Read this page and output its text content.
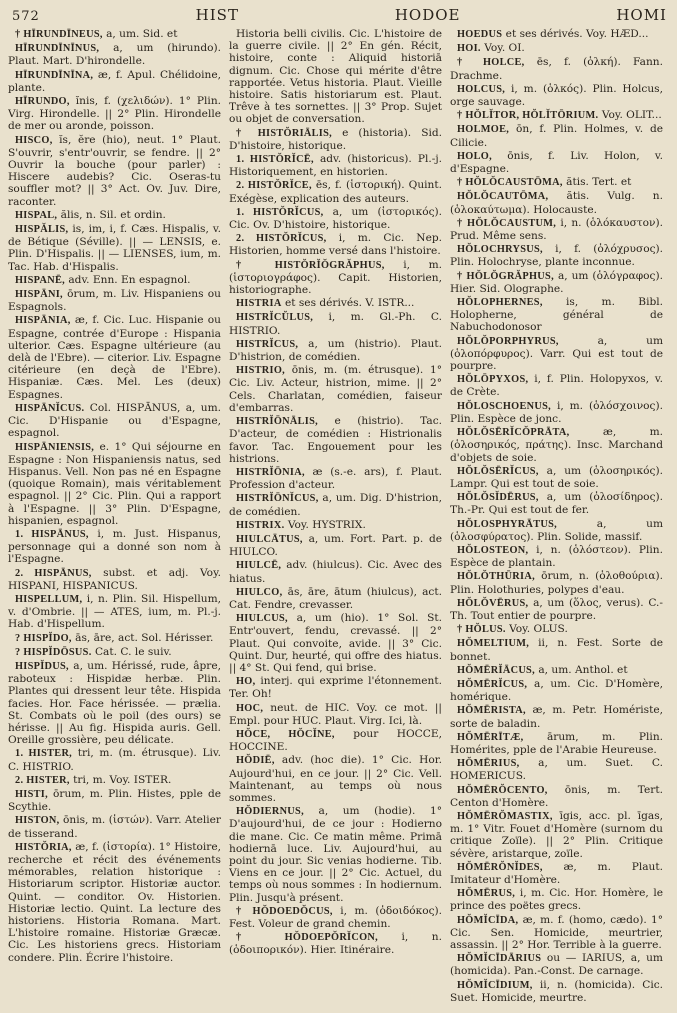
572	HIST	HODOE	HOMI

† HĪRUNDĪNEUS, a, um. Sid. et

HĪRUNDĪNĪNUS, a, um (hirundo). Plaut. Mart. D'hirondelle.

HĪRUNDĪNĪNA, æ, f. Apul. Chélidoine, plante.

HĪRUNDO, ĭnis, f. (χελιδών). 1° Plin. Virg. Hirondelle. || 2° Plin. Hirondelle de mer ou aronde, poisson.

HISCO, ĭs, ĕre (hio), neut. 1° Plaut. S'ouvrir, s'entr'ouvrir, se fendre. || 2° Ouvrir la bouche (pour parler) : Hiscere audebis? Cic. Oseras-tu souffler mot? || 3° Act. Ov. Juv. Dire, raconter.

HISPAL, ălis, n. Sil. et ordin.

HISPĂLIS, is, im, i, f. Cæs. Hispalis, v. de Bétique (Séville). || — LENSIS, e. Plin. D'Hispalis. || — LIENSES, ium, m. Tac. Hab. d'Hispalis.

HISPANĒ, adv. Enn. En espagnol.

HISPĀNI, ōrum, m. Liv. Hispaniens ou Espagnols.

HISPĀNIA, æ, f. Cic. Luc. Hispanie ou Espagne, contrée d'Europe : Hispania ulterior. Cæs. Espagne ultérieure (au delà de l'Ebre). — citerior. Liv. Espagne citérieure (en deçà de l'Ebre). Hispaniæ. Cæs. Mel. Les (deux) Espagnes.

HISPĀNĬCUS. Col. HISPĀNUS, a, um. Cic. D'Hispanie ou d'Espagne, espagnol.

HISPĀNIENSIS, e. 1° Qui séjourne en Espagne : Non Hispaniensis natus, sed Hispanus. Vell. Non pas né en Espagne (quoique Romain), mais véritablement espagnol. || 2° Cic. Plin. Qui a rapport à l'Espagne. || 3° Plin. D'Espagne, hispanien, espagnol.

1. HISPĀNUS, i, m. Just. Hispanus, personnage qui a donné son nom à l'Espagne.

2. HISPĀNUS, subst. et adj. Voy. HISPANI, HISPANICUS.

HISPELLUM, i, n. Plin. Sil. Hispellum, v. d'Ombrie. || — ATES, ium, m. Pl.-j. Hab. d'Hispellum.

? HISPĬDO, ās, āre, act. Sol. Hérisser.

? HISPĬDŌSUS. Cat. C. le suiv.

HISPĬDUS, a, um. Hérissé, rude, âpre, raboteux : Hispidæ herbæ. Plin. Plantes qui dressent leur tête. Hispida facies. Hor. Face hérissée. — prælia. St. Combats où le poil (des ours) se hérisse. || Au fig. Hispida auris. Gell. Oreille grossière, peu délicate.

1. HISTER, tri, m. (m. étrusque). Liv. C. HISTRIO.

2. HISTER, tri, m. Voy. ISTER.

HISTI, ōrum, m. Plin. Histes, pple de Scythie.

HISTON, ōnis, m. (ἱστών). Varr. Atelier de tisserand.

HISTŎRIA, æ, f. (ἱστορία). 1° Histoire, recherche et récit des événements mémorables, relation historique : Historiarum scriptor. Historiæ auctor. Quint. — conditor. Ov. Historien. Historiæ lectio. Quint. La lecture des historiens. Historia Romana. Mart. L'histoire romaine. Historiæ Græcæ. Cic. Les historiens grecs. Historiam condere. Plin. Écrire l'histoire.

Historia belli civilis. Cic. L'histoire de la guerre civile. || 2° En gén. Récit, histoire, conte : Aliquid historiā dignum. Cic. Chose qui mérite d'être rapportée. Vetus historia. Plaut. Vieille histoire. Satis historiarum est. Plaut. Trêve à tes sornettes. || 3° Prop. Sujet ou objet de conversation.

† HISTŎRIĀLIS, e (historia). Sid. D'histoire, historique.

1. HISTŎRĬCĒ, adv. (historicus). Pl.-j. Historiquement, en historien.

2. HISTŎRĬCE, ēs, f. (ἱστορική). Quint. Exégèse, explication des auteurs.

1. HISTŎRĬCUS, a, um (ἱστορικός). Cic. Ov. D'histoire, historique.

2. HISTŎRĬCUS, i, m. Cic. Nep. Historien, homme versé dans l'histoire.

† HISTŎRĬŎGRĂPHUS, i, m. (ἱστοριογράφος). Capit. Historien, historiographe.

HISTRIA et ses dérivés. V. ISTR...

HISTRĬCŬLUS, i, m. Gl.-Ph. C. HISTRIO.

HISTRĬCUS, a, um (histrio). Plaut. D'histrion, de comédien.

HISTRIO, ōnis, m. (m. étrusque). 1° Cic. Liv. Acteur, histrion, mime. || 2° Cels. Charlatan, comédien, faiseur d'embarras.

HISTRĬŌNĀLIS, e (histrio). Tac. D'acteur, de comédien : Histrionalis favor. Tac. Engouement pour les histrions.

HISTRĬŌNIA, æ (s.-e. ars), f. Plaut. Profession d'acteur.

HISTRĬŌNĬCUS, a, um. Dig. D'histrion, de comédien.

HISTRIX. Voy. HYSTRIX.

HIULCĀTUS, a, um. Fort. Part. p. de HIULCO.

HIULCĒ, adv. (hiulcus). Cic. Avec des hiatus.

HIULCO, ās, āre, ātum (hiulcus), act. Cat. Fendre, crevasser.

HIULCUS, a, um (hio). 1° Sol. St. Entr'ouvert, fendu, crevassé. || 2° Plaut. Qui convoite, avide. || 3° Cic. Quint. Dur, heurté, qui offre des hiatus. || 4° St. Qui fend, qui brise.

HO, interj. qui exprime l'étonnement. Ter. Oh!

HOC, neut. de HIC. Voy. ce mot. || Empl. pour HUC. Plaut. Virg. Ici, là.

HŎCE, HŎCĬNE, pour HOCCE, HOCCINE.

HŎDIĒ, adv. (hoc die). 1° Cic. Hor. Aujourd'hui, en ce jour. || 2° Cic. Vell. Maintenant, au temps où nous sommes.

HŎDIERNUS, a, um (hodie). 1° D'aujourd'hui, de ce jour : Hodierno die mane. Cic. Ce matin même. Primā hodiernā luce. Liv. Aujourd'hui, au point du jour. Sic venias hodierne. Tib. Viens en ce jour. || 2° Cic. Actuel, du temps où nous sommes : In hodiernum. Plin. Jusqu'à présent.

† HŎDOEDŎCUS, i, m. (ὁδοιδόκος). Fest. Voleur de grand chemin.

† HŎDOEPŎRĬCON, i, n. (ὁδοιπορικόν). Hier. Itinéraire.

HOEDUS et ses dérivés. Voy. HÆD...

HOI. Voy. OI.

† HOLCE, ēs, f. (ὁλκή). Fann. Drachme.

HOLCUS, i, m. (ὁλκός). Plin. Holcus, orge sauvage.

† HŎLĬTOR, HŎLĬTŌRIUM. Voy. OLIT...

HOLMOE, ōn, f. Plin. Holmes, v. de Cilicie.

HOLO, ōnis, f. Liv. Holon, v. d'Espagne.

† HŎLŎCAUSTŌMA, ătis. Tert. et

HŎLŎCAUTŌMA, ătis. Vulg. n. (ὁλοκαύτωμα). Holocauste.

† HŎLŎCAUSTUM, i, n. (ὁλόκαυστον). Prud. Même sens.

HŎLOCHRYSUS, i, f. (ὁλόχρυσος). Plin. Holochryse, plante inconnue.

† HŎLŎGRĂPHUS, a, um (ὁλόγραφος). Hier. Sid. Olographe.

HŎLOPHERNES, is, m. Bibl. Holopherne, général de Nabuchodonosor

HŎLŎPORPHYRUS,	a, um (ὁλοπόρφυρος). Varr. Qui est tout de pourpre.

HŎLŌPYXOS, i, f. Plin. Holopyxos, v. de Crète.

HŎLOSCHOENUS, i, m. (ὁλόσχοινος). Plin. Espèce de jonc.

HŎLŎSĒRĬCŎPRĀTA,	æ, m. (ὁλοσηρικός, πράτης). Insc. Marchand d'objets de soie.

HŎLŎSĒRĬCUS, a, um (ὁλοσηρικός). Lampr. Qui est tout de soie.

HŎLŎSĬDĒRUS, a, um (ὁλοσίδηρος). Th.-Pr. Qui est tout de fer.

HŎLOSPHYRĀTUS,	a, um (ὁλοσφύρατος). Plin. Solide, massif.

HŎLOSTEON, i, n. (ὁλόστεον). Plin. Espèce de plantain.

HŎLŎTHŪRIA, ōrum, n. (ὁλοθούρια). Plin. Holothuries, polypes d'eau.

HŎLŎVĒRUS, a, um (ὅλος, verus). C.-Th. Tout entier de pourpre.

† HŎLUS. Voy. OLUS.

HŎMELTIUM, ii, n. Fest. Sorte de bonnet.

HŎMĒRĬĀCUS, a, um. Anthol. et

HŎMĒRĬCUS, a, um. Cic. D'Homère, homérique.

HŎMĒRISTA, æ, m. Petr. Homériste, sorte de baladin.

HŎMĒRĪTÆ, ārum, m. Plin. Homérites, pple de l'Arabie Heureuse.

HŎMĒRIUS, a, um. Suet. C. HOMERICUS.

HŎMĒRŎCENTO, ōnis, m. Tert. Centon d'Homère.

HŎMĒRŎMASTIX, īgis, acc. pl. īgas, m. 1° Vitr. Fouet d'Homère (surnom du critique Zoïle). || 2° Plin. Critique sévère, aristarque, zoïle.

HŎMĒRŎNĬDES, æ, m. Plaut. Imitateur d'Homère.

HŎMĒRUS, i, m. Cic. Hor. Homère, le prince des poëtes grecs.

HŎMĬCĪDA, æ, m. f. (homo, cædo). 1° Cic. Sen. Homicide, meurtrier, assassin. || 2° Hor. Terrible à la guerre.

HŎMĬCĪDĀRIUS ou — IARIUS, a, um (homicida). Pan.-Const. De carnage.

HŎMĬCĪDIUM, ii, n. (homicida). Cic. Suet. Homicide, meurtre.
